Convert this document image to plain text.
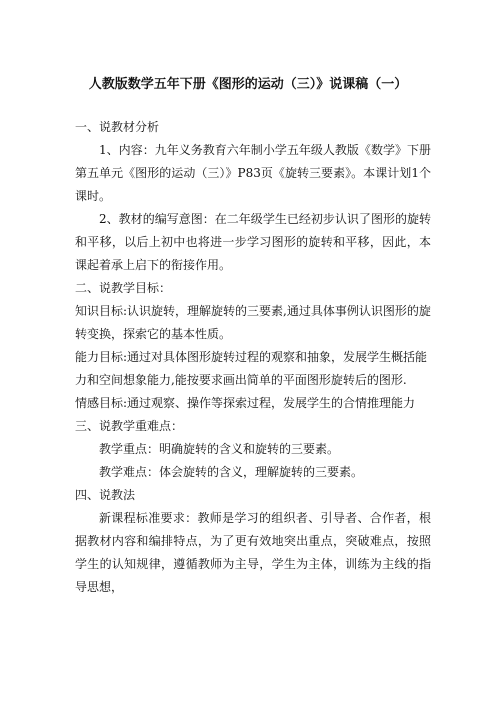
人教版数学五年下册《图形的运动（三）》说课稿（一）

一、说教材分析

1、内容：九年义务教育六年制小学五年级人教版《数学》下册第五单元《图形的运动（三）》P83页《旋转三要素》。本课计划1个课时。

2、教材的编写意图：在二年级学生已经初步认识了图形的旋转和平移，以后上初中也将进一步学习图形的旋转和平移，因此，本课起着承上启下的衔接作用。

二、说教学目标：

知识目标:认识旋转，理解旋转的三要素,通过具体事例认识图形的旋转变换，探索它的基本性质。

能力目标:通过对具体图形旋转过程的观察和抽象，发展学生概括能力和空间想象能力,能按要求画出简单的平面图形旋转后的图形.

情感目标:通过观察、操作等探索过程，发展学生的合情推理能力

三、说教学重难点：

教学重点：明确旋转的含义和旋转的三要素。

教学难点：体会旋转的含义，理解旋转的三要素。

四、说教法

新课程标准要求：教师是学习的组织者、引导者、合作者，根据教材内容和编排特点，为了更有效地突出重点，突破难点，按照学生的认知规律，遵循教师为主导，学生为主体，训练为主线的指导思想，
